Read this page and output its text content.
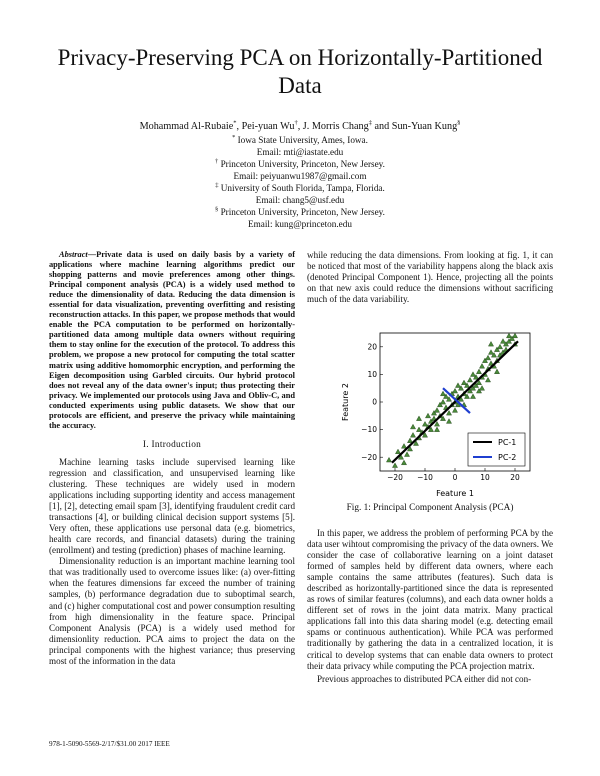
Privacy-Preserving PCA on Horizontally-Partitioned
Data
Mohammad Al-Rubaie*, Pei-yuan Wu†, J. Morris Chang‡ and Sun-Yuan Kung§
* Iowa State University, Ames, Iowa.
Email: mti@iastate.edu
† Princeton University, Princeton, New Jersey.
Email: peiyuanwu1987@gmail.com
‡ University of South Florida, Tampa, Florida.
Email: chang5@usf.edu
§ Princeton University, Princeton, New Jersey.
Email: kung@princeton.edu

Abstract—Private data is used on daily basis by a variety of applications where machine learning algorithms predict our shopping patterns and movie preferences among other things. Principal component analysis (PCA) is a widely used method to reduce the dimensionality of data. Reducing the data dimension is essential for data visualization, preventing overfitting and resisting reconstruction attacks. In this paper, we propose methods that would enable the PCA computation to be performed on horizontally-partitioned data among multiple data owners without requiring them to stay online for the execution of the protocol. To address this problem, we propose a new protocol for computing the total scatter matrix using additive homomorphic encryption, and performing the Eigen decomposition using Garbled circuits. Our hybrid protocol does not reveal any of the data owner's input; thus protecting their privacy. We implemented our protocols using Java and Obliv-C, and conducted experiments using public datasets. We show that our protocols are efficient, and preserve the privacy while maintaining the accuracy.

I. Introduction

Machine learning tasks include supervised learning like regression and classification, and unsupervised learning like clustering. These techniques are widely used in modern applications including supporting identity and access management [1], [2], detecting email spam [3], identifying fraudulent credit card transactions [4], or building clinical decision support systems [5]. Very often, these applications use personal data (e.g. biometrics, health care records, and financial datasets) during the training (enrollment) and testing (prediction) phases of machine learning.

Dimensionality reduction is an important machine learning tool that was traditionally used to overcome issues like: (a) over-fitting when the features dimensions far exceed the number of training samples, (b) performance degradation due to suboptimal search, and (c) higher computational cost and power consumption resulting from high dimensionality in the feature space. Principal Component Analysis (PCA) is a widely used method for dimensionlity reduction. PCA aims to project the data on the principal components with the highest variance; thus preserving most of the information in the data

while reducing the data dimensions. From looking at fig. 1, it can be noticed that most of the variability happens along the black axis (denoted Principal Component 1). Hence, projecting all the points on that new axis could reduce the dimensions without sacrificing much of the data variability.

−20 −10	0	10	20
−20
−10
0
10
20
Feature 1
Feature 2
PC-1
PC-2
Fig. 1: Principal Component Analysis (PCA)

In this paper, we address the problem of performing PCA by the data user wihtout compromising the privacy of the data owners. We consider the case of collaborative learning on a joint dataset formed of samples held by different data owners, where each sample contains the same attributes (features). Such data is described as horizontally-partitioned since the data is represented as rows of similar features (columns), and each data owner holds a different set of rows in the joint data matrix. Many practical applications fall into this data sharing model (e.g. detecting email spams or continuous authentication). While PCA was performed traditionally by gathering the data in a centralized location, it is critical to develop systems that can enable data owners to protect their data privacy while computing the PCA projection matrix.

Previous approaches to distributed PCA either did not con-

978-1-5090-5569-2/17/$31.00 2017 IEEE
